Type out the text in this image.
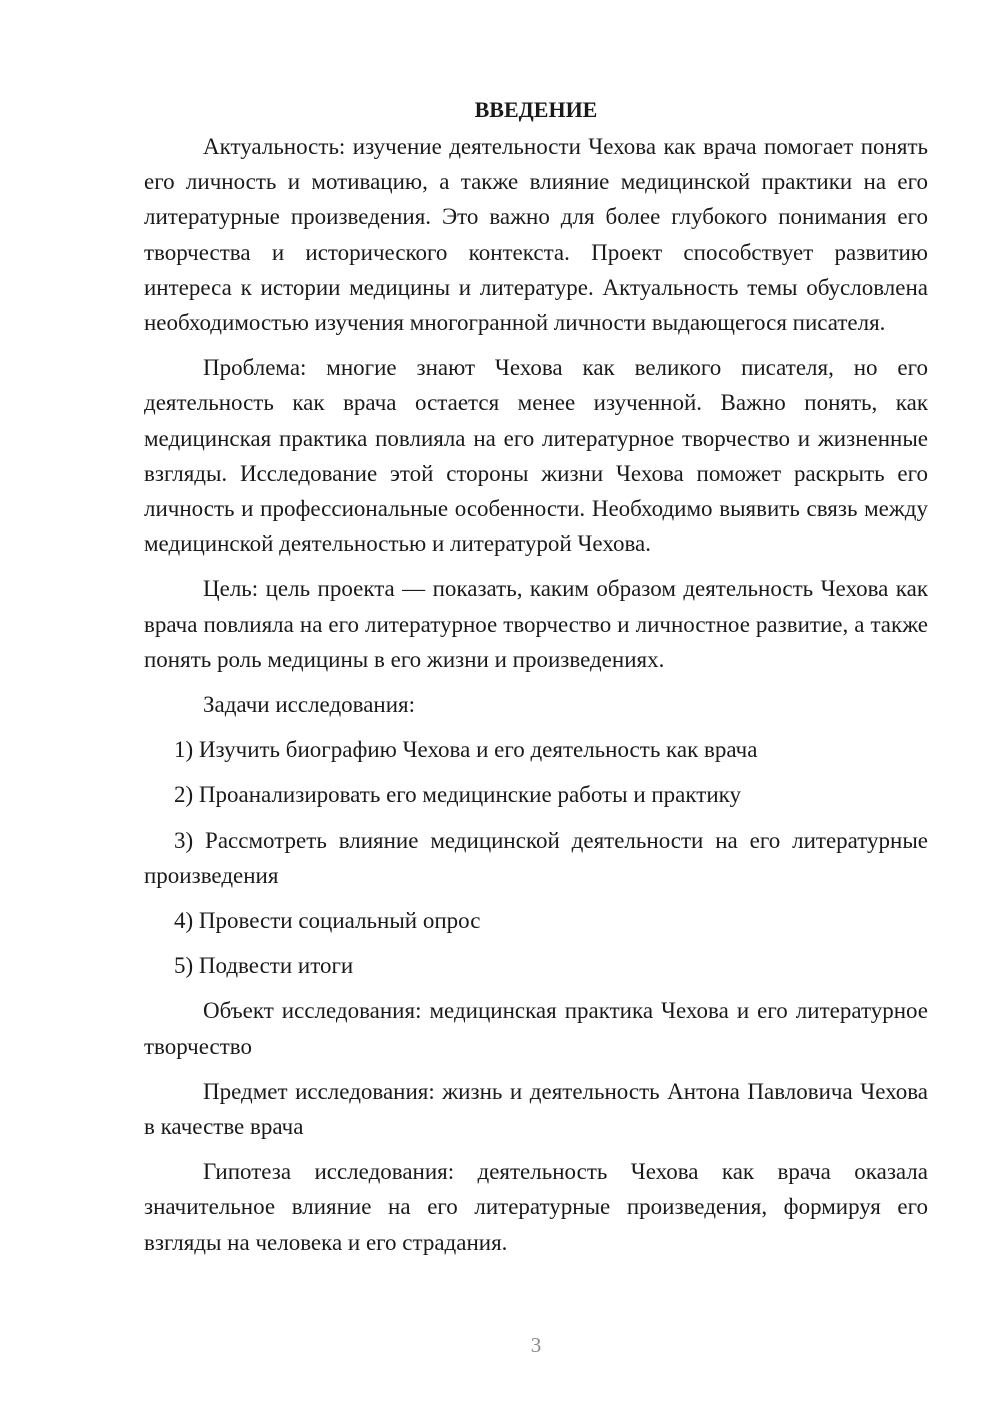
ВВЕДЕНИЕ

Актуальность: изучение деятельности Чехова как врача помогает понять его личность и мотивацию, а также влияние медицинской практики на его литературные произведения. Это важно для более глубокого понимания его творчества и исторического контекста. Проект способствует развитию интереса к истории медицины и литературе. Актуальность темы обусловлена необходимостью изучения многогранной личности выдающегося писателя.

Проблема: многие знают Чехова как великого писателя, но его деятельность как врача остается менее изученной. Важно понять, как медицинская практика повлияла на его литературное творчество и жизненные взгляды. Исследование этой стороны жизни Чехова поможет раскрыть его личность и профессиональные особенности. Необходимо выявить связь между медицинской деятельностью и литературой Чехова.

Цель: цель проекта — показать, каким образом деятельность Чехова как врача повлияла на его литературное творчество и личностное развитие, а также понять роль медицины в его жизни и произведениях.

Задачи исследования:

1) Изучить биографию Чехова и его деятельность как врача

2) Проанализировать его медицинские работы и практику

3) Рассмотреть влияние медицинской деятельности на его литературные произведения

4) Провести социальный опрос

5) Подвести итоги

Объект исследования: медицинская практика Чехова и его литературное творчество

Предмет исследования: жизнь и деятельность Антона Павловича Чехова в качестве врача

Гипотеза исследования: деятельность Чехова как врача оказала значительное влияние на его литературные произведения, формируя его взгляды на человека и его страдания.

3
